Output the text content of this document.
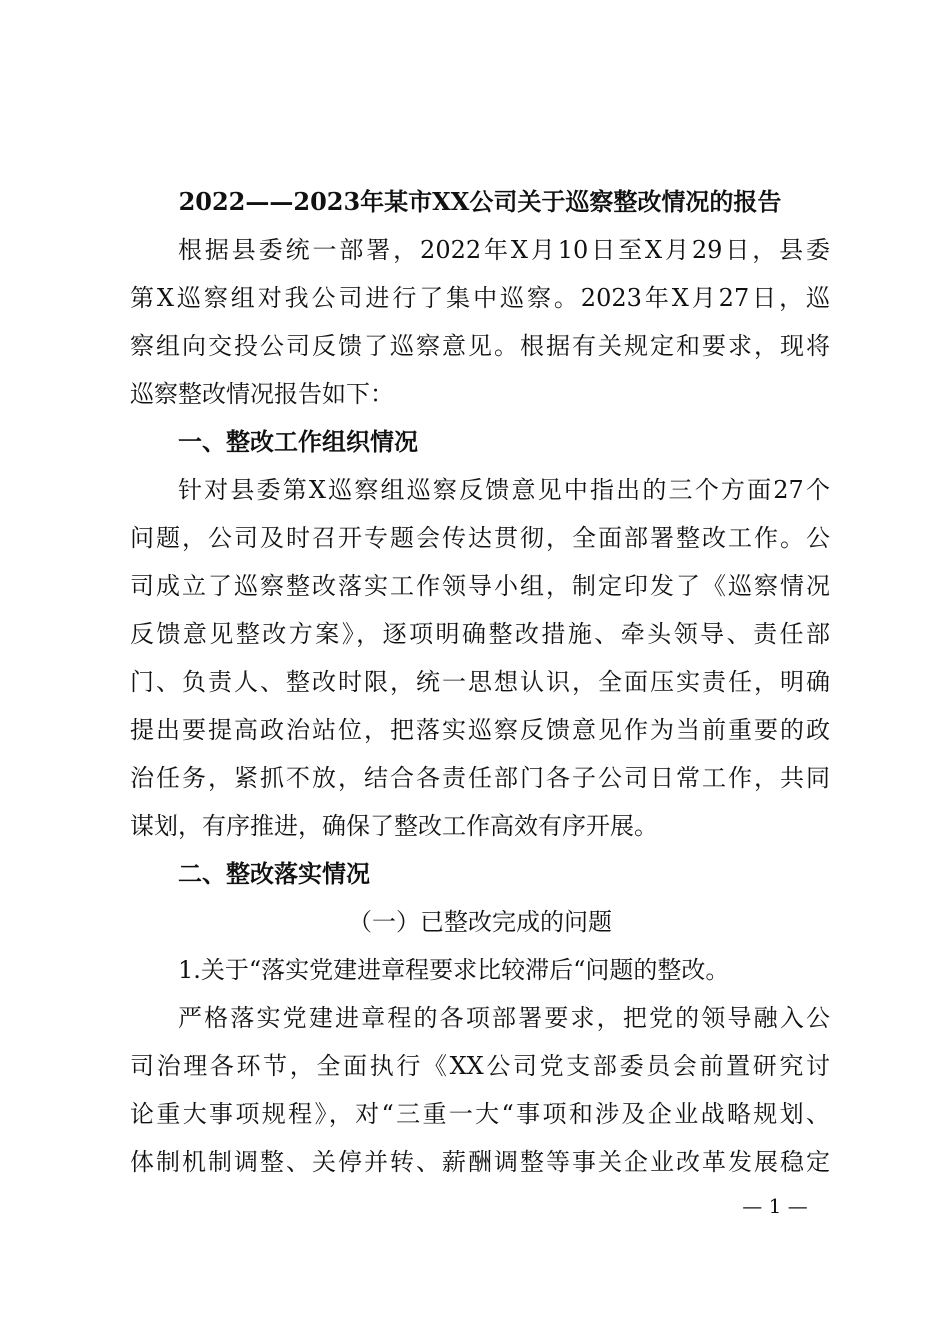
2022——2023年某市XX公司关于巡察整改情况的报告
根据县委统一部署，2022年X月10日至X月29日，县委
第X巡察组对我公司进行了集中巡察。2023年X月27日，巡
察组向交投公司反馈了巡察意见。根据有关规定和要求，现将
巡察整改情况报告如下：
一、整改工作组织情况
针对县委第X巡察组巡察反馈意见中指出的三个方面27个
问题，公司及时召开专题会传达贯彻，全面部署整改工作。公
司成立了巡察整改落实工作领导小组，制定印发了《巡察情况
反馈意见整改方案》，逐项明确整改措施、牵头领导、责任部
门、负责人、整改时限，统一思想认识，全面压实责任，明确
提出要提高政治站位，把落实巡察反馈意见作为当前重要的政
治任务，紧抓不放，结合各责任部门各子公司日常工作，共同
谋划，有序推进，确保了整改工作高效有序开展。
二、整改落实情况
（一）已整改完成的问题
1.关于“落实党建进章程要求比较滞后“问题的整改。
严格落实党建进章程的各项部署要求，把党的领导融入公
司治理各环节，全面执行《XX公司党支部委员会前置研究讨
论重大事项规程》，对“三重一大“事项和涉及企业战略规划、
体制机制调整、关停并转、薪酬调整等事关企业改革发展稳定
— 1 —
